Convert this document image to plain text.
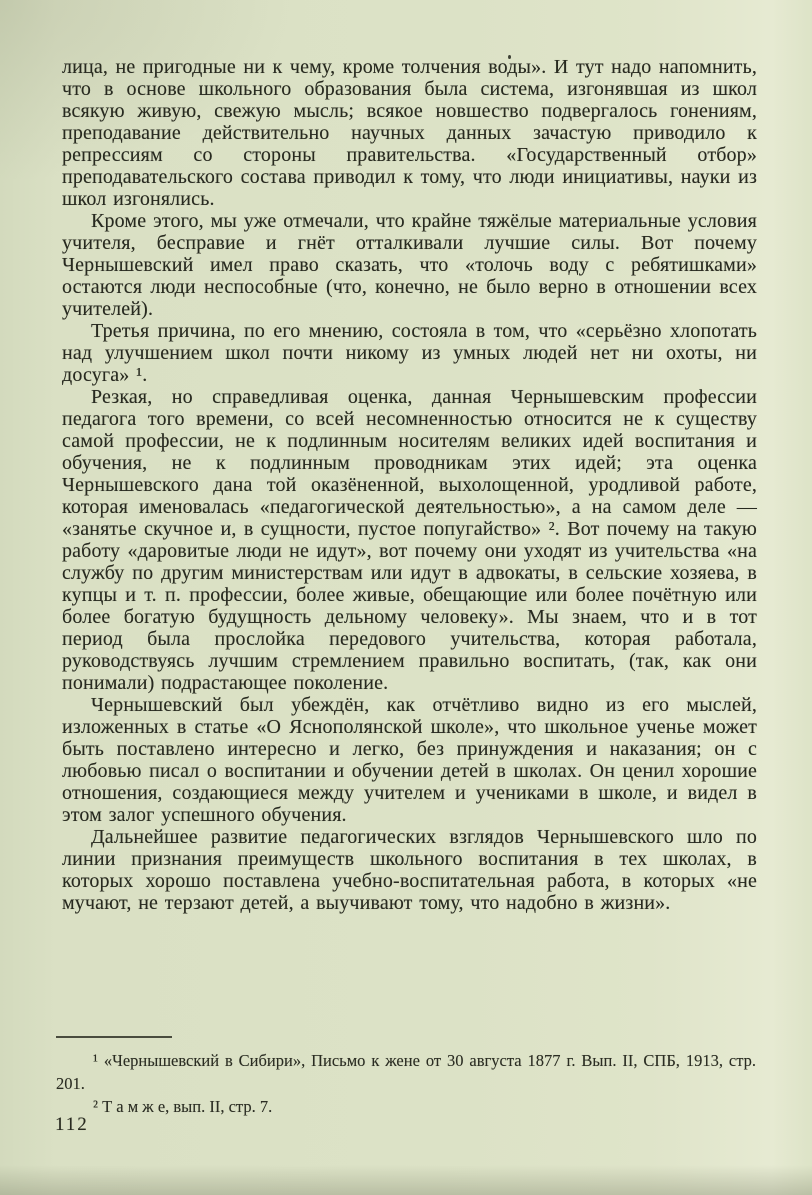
лица, не пригодные ни к чему, кроме толчения воды». И тут надо напомнить, что в основе школьного образования была система, изгонявшая из школ всякую живую, свежую мысль; всякое новшество подвергалось гонениям, преподавание действительно научных данных зачастую приводило к репрессиям со стороны правительства. «Государственный отбор» преподавательского состава приводил к тому, что люди инициативы, науки из школ изгонялись.

Кроме этого, мы уже отмечали, что крайне тяжёлые материальные условия учителя, бесправие и гнёт отталкивали лучшие силы. Вот почему Чернышевский имел право сказать, что «толочь воду с ребятишками» остаются люди неспособные (что, конечно, не было верно в отношении всех учителей).

Третья причина, по его мнению, состояла в том, что «серьёзно хлопотать над улучшением школ почти никому из умных людей нет ни охоты, ни досуга» ¹.

Резкая, но справедливая оценка, данная Чернышевским профессии педагога того времени, со всей несомненностью относится не к существу самой профессии, не к подлинным носителям великих идей воспитания и обучения, не к подлинным проводникам этих идей; эта оценка Чернышевского дана той оказёненной, выхолощенной, уродливой работе, которая именовалась «педагогической деятельностью», а на самом деле — «занятье скучное и, в сущности, пустое попугайство» ². Вот почему на такую работу «даровитые люди не идут», вот почему они уходят из учительства «на службу по другим министерствам или идут в адвокаты, в сельские хозяева, в купцы и т. п. профессии, более живые, обещающие или более почётную или более богатую будущность дельному человеку». Мы знаем, что и в тот период была прослойка передового учительства, которая работала, руководствуясь лучшим стремлением правильно воспитать, (так, как они понимали) подрастающее поколение.

Чернышевский был убеждён, как отчётливо видно из его мыслей, изложенных в статье «О Яснополянской школе», что школьное ученье может быть поставлено интересно и легко, без принуждения и наказания; он с любовью писал о воспитании и обучении детей в школах. Он ценил хорошие отношения, создающиеся между учителем и учениками в школе, и видел в этом залог успешного обучения.

Дальнейшее развитие педагогических взглядов Чернышевского шло по линии признания преимуществ школьного воспитания в тех школах, в которых хорошо поставлена учебно-воспитательная работа, в которых «не мучают, не терзают детей, а выучивают тому, что надобно в жизни».

¹ «Чернышевский в Сибири», Письмо к жене от 30 августа 1877 г. Вып. II, СПБ, 1913, стр. 201.

² Т а м ж е, вып. II, стр. 7.

112
